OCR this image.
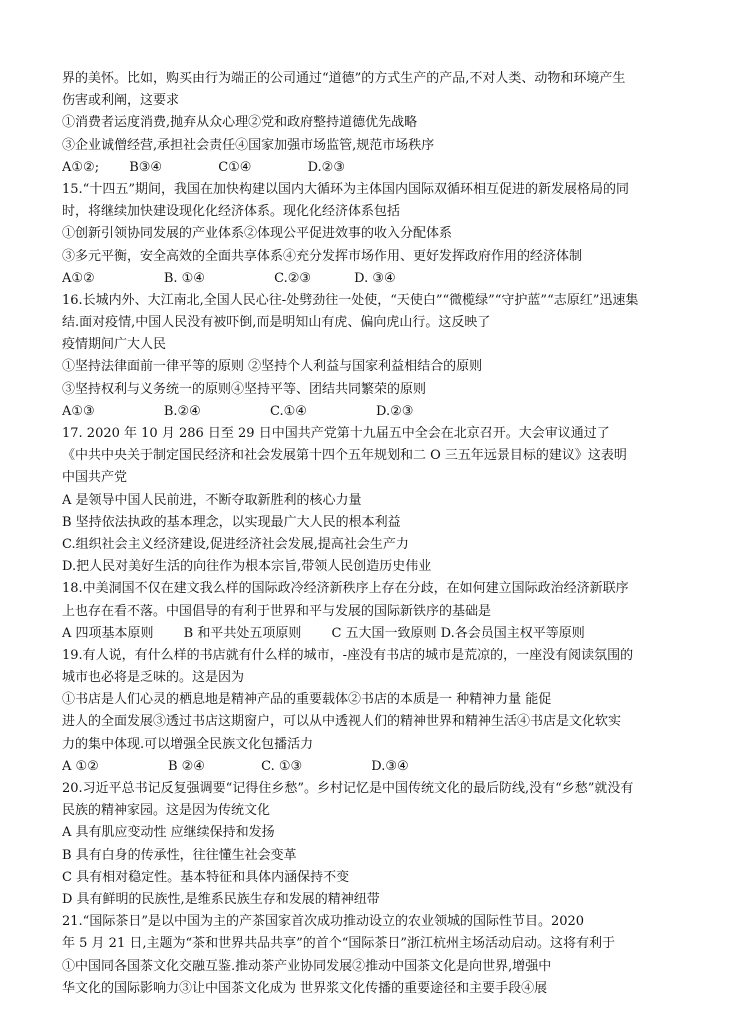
界的美怀。比如，购买由行为端正的公司通过“道德”的方式生产的产品,不对人类、动物和环境产生
伤害或利阐，这要求
①消费者运度消费,抛弃从众心理②党和政府整持道德优先战略
③企业诚僧经营,承担社会责任④国家加强市场监管,规范市场秩序
A①②;　　 B③④　　　　 C①④　　　　 D.②③
15.“十四五”期间，我国在加快构建以国内大循环为主体国内国际双循环相互促进的新发展格局的同
时，将继续加快建设现化化经济体系。现化化经济体系包括
①创新引领协同发展的产业体系②体现公平促进效事的收入分配体系
③多元平衡，安全高效的全面共享体系④充分发挥市场作用、更好发挥政府作用的经济体制
A①②　　　　　 B. ①④　　　　　 C.②③　　　 D. ③④
16.长城内外、大江南北,全国人民心往-处劈劲往一处使，“天使白”“微榄绿”“守护蓝”“志原红”迅速集
结.面对疫情,中国人民没有被吓倒,而是明知山有虎、偏向虎山行。这反映了
疫情期间广大人民
①坚持法律面前一律平等的原则 ②坚持个人利益与国家利益相结合的原则
③坚持权利与义务统一的原则④坚持平等、团结共同繁荣的原则
A①③　　　　　 B.②④　　　　　 C.①④　　　　　 D.②③
17. 2020 年 10 月 286 日至 29 日中国共产党第十九届五中全会在北京召开。大会审议通过了
《中共中央关于制定国民经济和社会发展第十四个五年规划和二 O 三五年远景目标的建议》这表明
中国共产党
A 是领导中国人民前进，不断夺取新胜利的核心力量
B 坚持依法执政的基本理念，以实现最广大人民的根本利益
C.组织社会主义经济建设,促进经济社会发展,提高社会生产力
D.把人民对美好生活的向往作为根本宗旨,带领人民创造历史伟业
18.中美洞国不仅在建文我么样的国际政冷经济新秩序上存在分歧，在如何建立国际政治经济新联序
上也存在看不落。中国倡导的有利于世界和平与发展的国际新铁序的基础是
A 四项基本原则　　 B 和平共处五项原则　　 C 五大国一致原则 D.各会员国主权平等原则
19.有人说，有什么样的书店就有什么样的城市，-座没有书店的城市是荒凉的，一座没有阅读氛围的
城市也必将是乏味的。这是因为
①书店是人们心灵的栖息地是精神产品的重要载体②书店的本质是一 种精神力量 能促
进人的全面发展③透过书店这期窗户，可以从中透视人们的精神世界和精神生活④书店是文化软实
力的集中体现.可以增强全民族文化包播活力
A ①②　　　　　 B ②④　　　　 C. ①③　　　　　 D.③④
20.习近平总书记反复强调要“记得住乡愁”。乡村记忆是中国传统文化的最后防线,没有“乡愁”就没有
民族的精神家园。这是因为传统文化
A 具有肌应变动性 应继续保持和发扬
B 具有白身的传承性，往往懂生社会变革
C 具有相对稳定性。基本特征和具体内涵保持不变
D 具有鲜明的民族性,是维系民族生存和发展的精神纽带
21.“国际茶日”是以中国为主的产茶国家首次成功推动设立的农业领城的国际性节目。2020
年 5 月 21 日,主题为“茶和世界共品共享”的首个“国际茶日”浙江杭州主场活动启动。这将有利于
①中国同各国茶文化交融互鉴.推动茶产业协同发展②推动中国茶文化是向世界,增强中
华文化的国际影响力③让中国茶文化成为 世界浆文化传播的重要途径和主要手段④展
